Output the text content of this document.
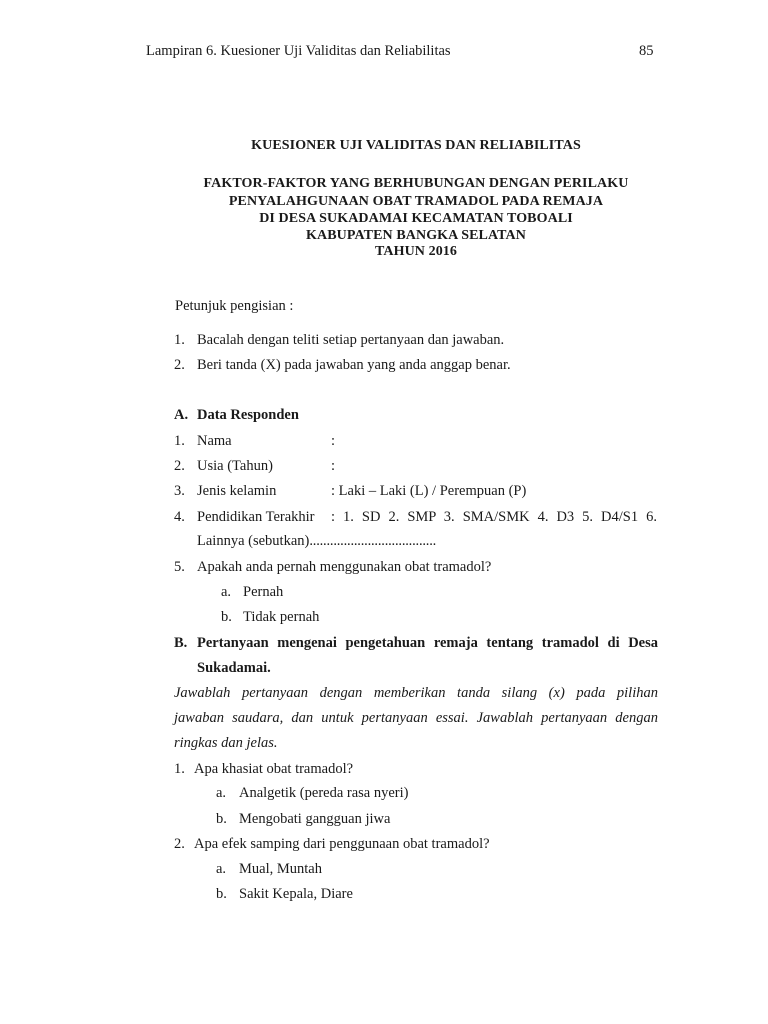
Lampiran 6. Kuesioner Uji Validitas dan Reliabilitas	85
KUESIONER UJI VALIDITAS DAN RELIABILITAS
FAKTOR-FAKTOR YANG BERHUBUNGAN DENGAN PERILAKU
PENYALAHGUNAAN OBAT TRAMADOL PADA REMAJA
DI DESA SUKADAMAI KECAMATAN TOBOALI
KABUPATEN BANGKA SELATAN
TAHUN 2016
Petunjuk pengisian :
1. Bacalah dengan teliti setiap pertanyaan dan jawaban.
2. Beri tanda (X) pada jawaban yang anda anggap benar.
A. Data Responden
1. Nama	:
2. Usia (Tahun)	:
3. Jenis kelamin	: Laki – Laki (L) / Perempuan (P)
4. Pendidikan Terakhir : 1. SD 2. SMP 3. SMA/SMK 4. D3 5. D4/S1 6.
Lainnya (sebutkan).....................................
5. Apakah anda pernah menggunakan obat tramadol?
a. Pernah
b. Tidak pernah
B. Pertanyaan mengenai pengetahuan remaja tentang tramadol di Desa
Sukadamai.
Jawablah pertanyaan dengan memberikan tanda silang (x) pada pilihan
jawaban saudara, dan untuk pertanyaan essai. Jawablah pertanyaan dengan
ringkas dan jelas.
1. Apa khasiat obat tramadol?
a. Analgetik (pereda rasa nyeri)
b. Mengobati gangguan jiwa
2. Apa efek samping dari penggunaan obat tramadol?
a. Mual, Muntah
b. Sakit Kepala, Diare
